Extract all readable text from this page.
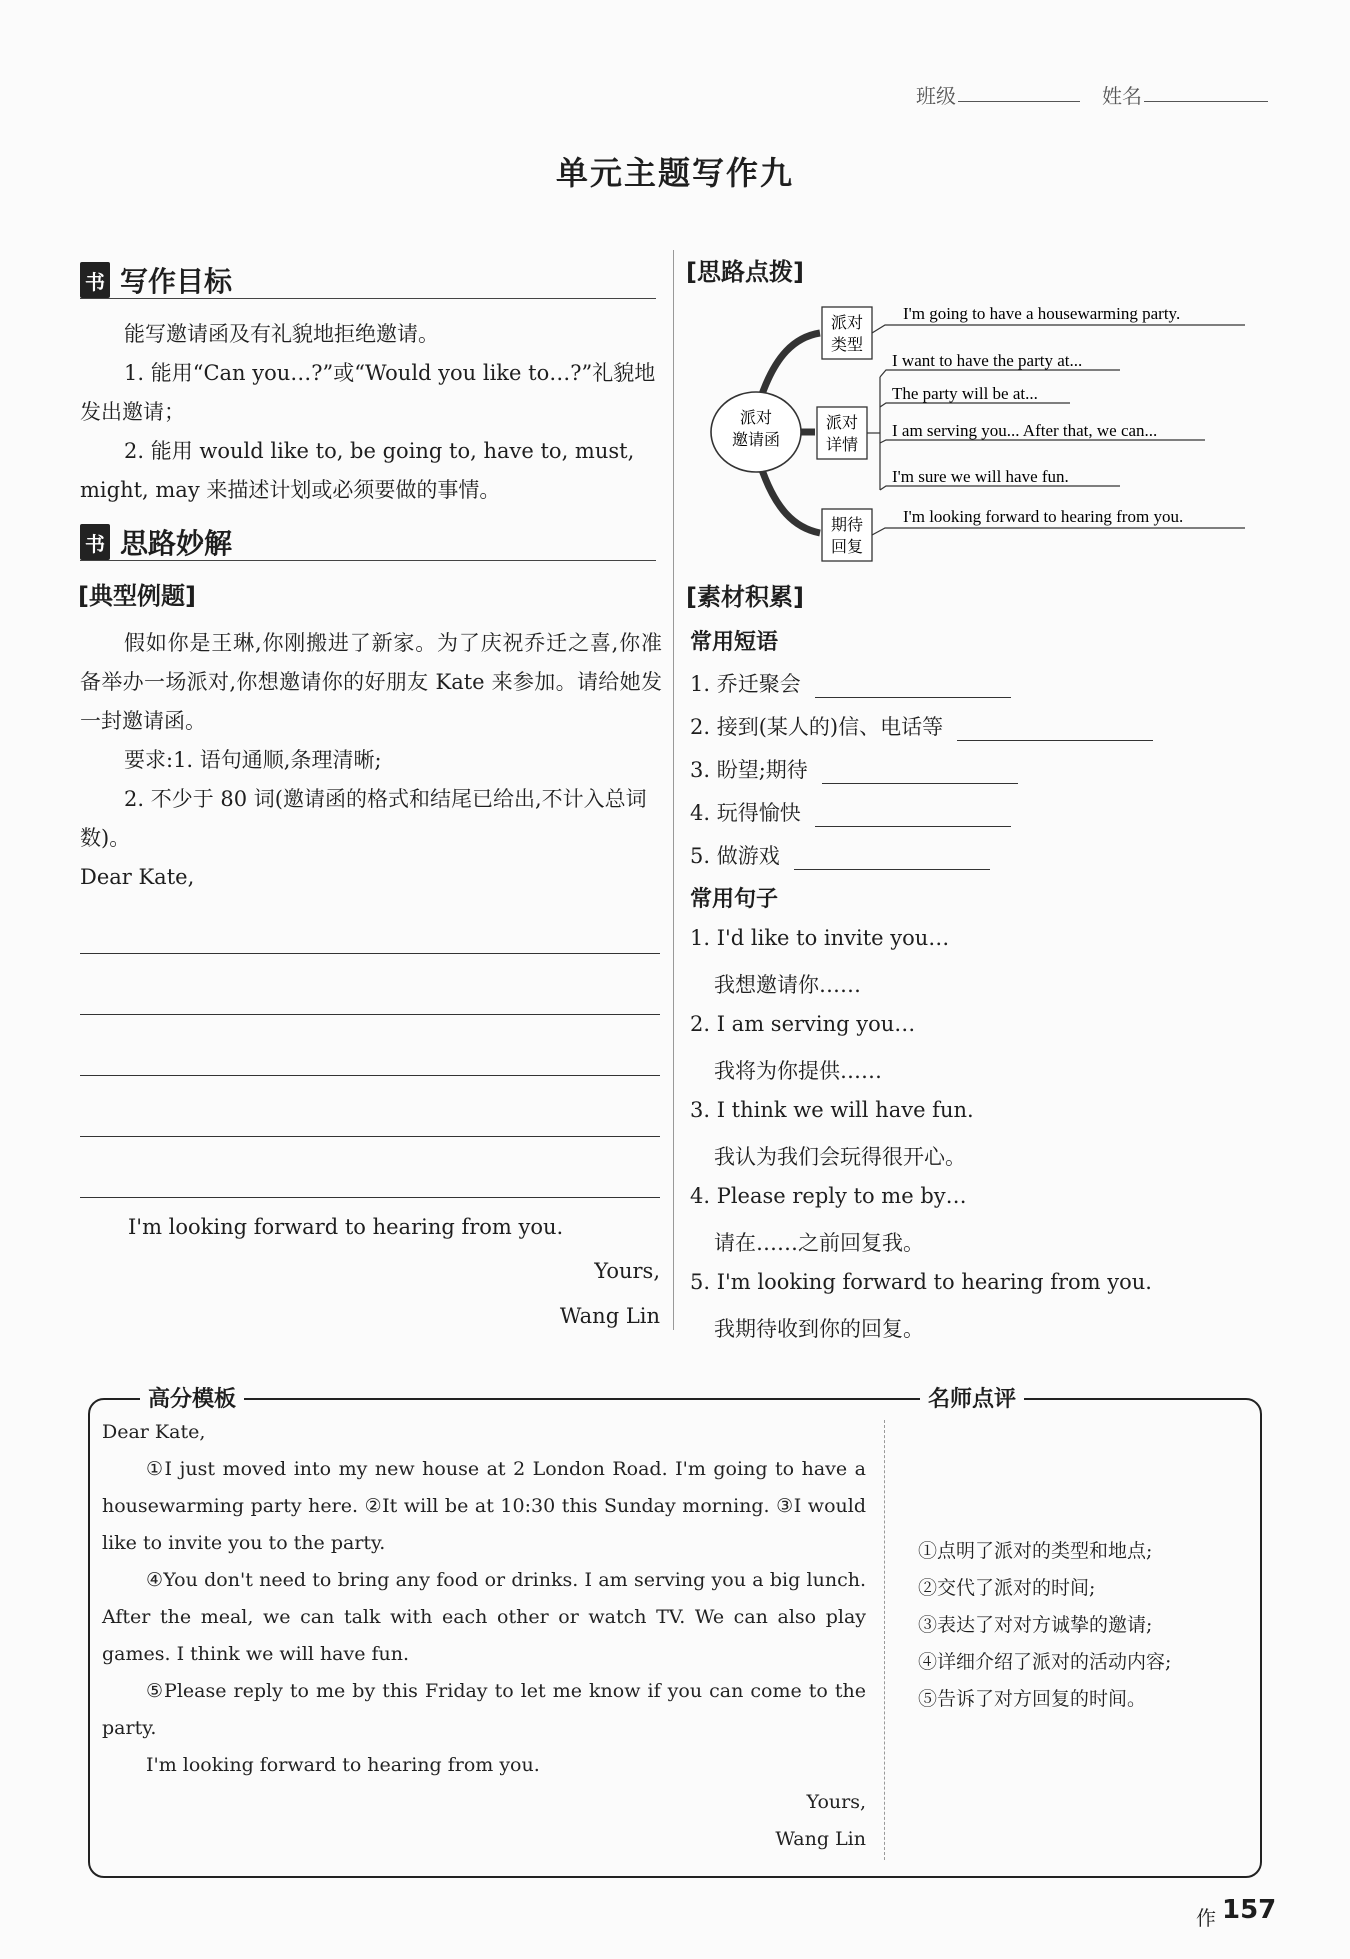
班级	姓名
单元主题写作九
书 写作目标
能写邀请函及有礼貌地拒绝邀请。
1. 能用“Can you…?”或“Would you like to…?”礼貌地发出邀请；
2. 能用 would like to, be going to, have to, must, might, may 来描述计划或必须要做的事情。
书 思路妙解
[典型例题]
假如你是王琳,你刚搬进了新家。为了庆祝乔迁之喜,你准备举办一场派对,你想邀请你的好朋友 Kate 来参加。请给她发一封邀请函。
要求:1. 语句通顺,条理清晰;
2. 不少于 80 词(邀请函的格式和结尾已给出,不计入总词数)。
Dear Kate,
I'm looking forward to hearing from you.
Yours,
Wang Lin
[思路点拨]
派对
邀请函
派对
类型
I'm going to have a housewarming party.
派对
详情
I want to have the party at...
The party will be at...
I am serving you... After that, we can...
I'm sure we will have fun.
期待
回复
I'm looking forward to hearing from you.
[素材积累]
常用短语
1. 乔迁聚会
2. 接到(某人的)信、电话等
3. 盼望;期待
4. 玩得愉快
5. 做游戏
常用句子
1. I'd like to invite you…
我想邀请你……
2. I am serving you…
我将为你提供……
3. I think we will have fun.
我认为我们会玩得很开心。
4. Please reply to me by…
请在……之前回复我。
5. I'm looking forward to hearing from you.
我期待收到你的回复。
高分模板	名师点评
Dear Kate,
①I just moved into my new house at 2 London Road. I'm going to have a housewarming party here. ②It will be at 10:30 this Sunday morning. ③I would like to invite you to the party.
④You don't need to bring any food or drinks. I am serving you a big lunch. After the meal, we can talk with each other or watch TV. We can also play games. I think we will have fun.
⑤Please reply to me by this Friday to let me know if you can come to the party.
I'm looking forward to hearing from you.
Yours,
Wang Lin
①点明了派对的类型和地点;
②交代了派对的时间;
③表达了对对方诚挚的邀请;
④详细介绍了派对的活动内容;
⑤告诉了对方回复的时间。
作 157
